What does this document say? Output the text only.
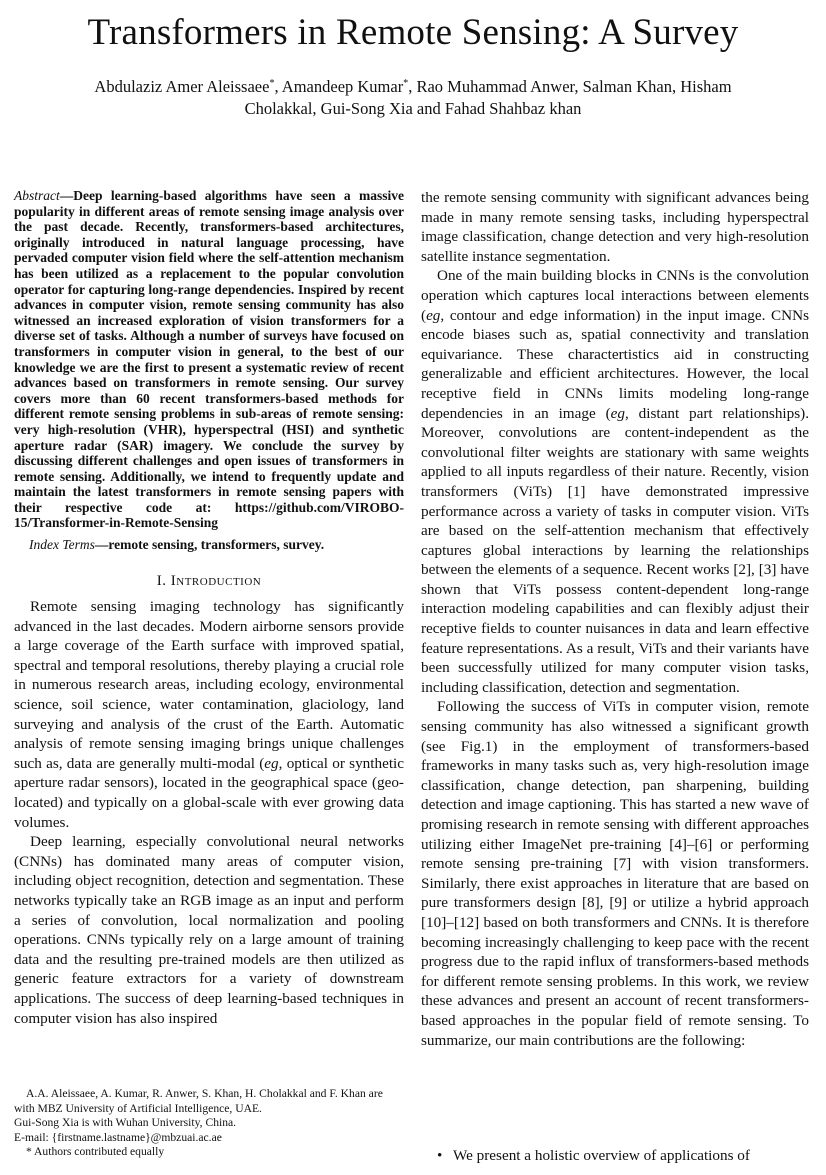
Transformers in Remote Sensing: A Survey
Abdulaziz Amer Aleissaee*, Amandeep Kumar*, Rao Muhammad Anwer, Salman Khan, Hisham
Cholakkal, Gui-Song Xia and Fahad Shahbaz khan

Abstract—Deep learning-based algorithms have seen a massive popularity in different areas of remote sensing image analysis over the past decade. Recently, transformers-based architectures, originally introduced in natural language processing, have pervaded computer vision field where the self-attention mechanism has been utilized as a replacement to the popular convolution operator for capturing long-range dependencies. Inspired by recent advances in computer vision, remote sensing community has also witnessed an increased exploration of vision transformers for a diverse set of tasks. Although a number of surveys have focused on transformers in computer vision in general, to the best of our knowledge we are the first to present a systematic review of recent advances based on transformers in remote sensing. Our survey covers more than 60 recent transformers-based methods for different remote sensing problems in sub-areas of remote sensing: very high-resolution (VHR), hyperspectral (HSI) and synthetic aperture radar (SAR) imagery. We conclude the survey by discussing different challenges and open issues of transformers in remote sensing. Additionally, we intend to frequently update and maintain the latest transformers in remote sensing papers with their respective code at: https://github.com/VIROBO-15/Transformer-in-Remote-Sensing

Index Terms—remote sensing, transformers, survey.

I. Introduction

Remote sensing imaging technology has significantly advanced in the last decades. Modern airborne sensors provide a large coverage of the Earth surface with improved spatial, spectral and temporal resolutions, thereby playing a crucial role in numerous research areas, including ecology, environmental science, soil science, water contamination, glaciology, land surveying and analysis of the crust of the Earth. Automatic analysis of remote sensing imaging brings unique challenges such as, data are generally multi-modal (eg, optical or synthetic aperture radar sensors), located in the geographical space (geo-located) and typically on a global-scale with ever growing data volumes.

Deep learning, especially convolutional neural networks (CNNs) has dominated many areas of computer vision, including object recognition, detection and segmentation. These networks typically take an RGB image as an input and perform a series of convolution, local normalization and pooling operations. CNNs typically rely on a large amount of training data and the resulting pre-trained models are then utilized as generic feature extractors for a variety of downstream applications. The success of deep learning-based techniques in computer vision has also inspired

A.A. Aleissaee, A. Kumar, R. Anwer, S. Khan, H. Cholakkal and F. Khan are with MBZ University of Artificial Intelligence, UAE.

Gui-Song Xia is with Wuhan University, China.

E-mail: {firstname.lastname}@mbzuai.ac.ae

* Authors contributed equally

the remote sensing community with significant advances being made in many remote sensing tasks, including hyperspectral image classification, change detection and very high-resolution satellite instance segmentation.

One of the main building blocks in CNNs is the convolution operation which captures local interactions between elements (eg, contour and edge information) in the input image. CNNs encode biases such as, spatial connectivity and translation equivariance. These charactertistics aid in constructing generalizable and efficient architectures. However, the local receptive field in CNNs limits modeling long-range dependencies in an image (eg, distant part relationships). Moreover, convolutions are content-independent as the convolutional filter weights are stationary with same weights applied to all inputs regardless of their nature. Recently, vision transformers (ViTs) [1] have demonstrated impressive performance across a variety of tasks in computer vision. ViTs are based on the self-attention mechanism that effectively captures global interactions by learning the relationships between the elements of a sequence. Recent works [2], [3] have shown that ViTs possess content-dependent long-range interaction modeling capabilities and can flexibly adjust their receptive fields to counter nuisances in data and learn effective feature representations. As a result, ViTs and their variants have been successfully utilized for many computer vision tasks, including classification, detection and segmentation.

Following the success of ViTs in computer vision, remote sensing community has also witnessed a significant growth (see Fig.1) in the employment of transformers-based frameworks in many tasks such as, very high-resolution image classification, change detection, pan sharpening, building detection and image captioning. This has started a new wave of promising research in remote sensing with different approaches utilizing either ImageNet pre-training [4]–[6] or performing remote sensing pre-training [7] with vision transformers. Similarly, there exist approaches in literature that are based on pure transformers design [8], [9] or utilize a hybrid approach [10]–[12] based on both transformers and CNNs. It is therefore becoming increasingly challenging to keep pace with the recent progress due to the rapid influx of transformers-based methods for different remote sensing problems. In this work, we review these advances and present an account of recent transformers-based approaches in the popular field of remote sensing. To summarize, our main contributions are the following:

• We present a holistic overview of applications of
